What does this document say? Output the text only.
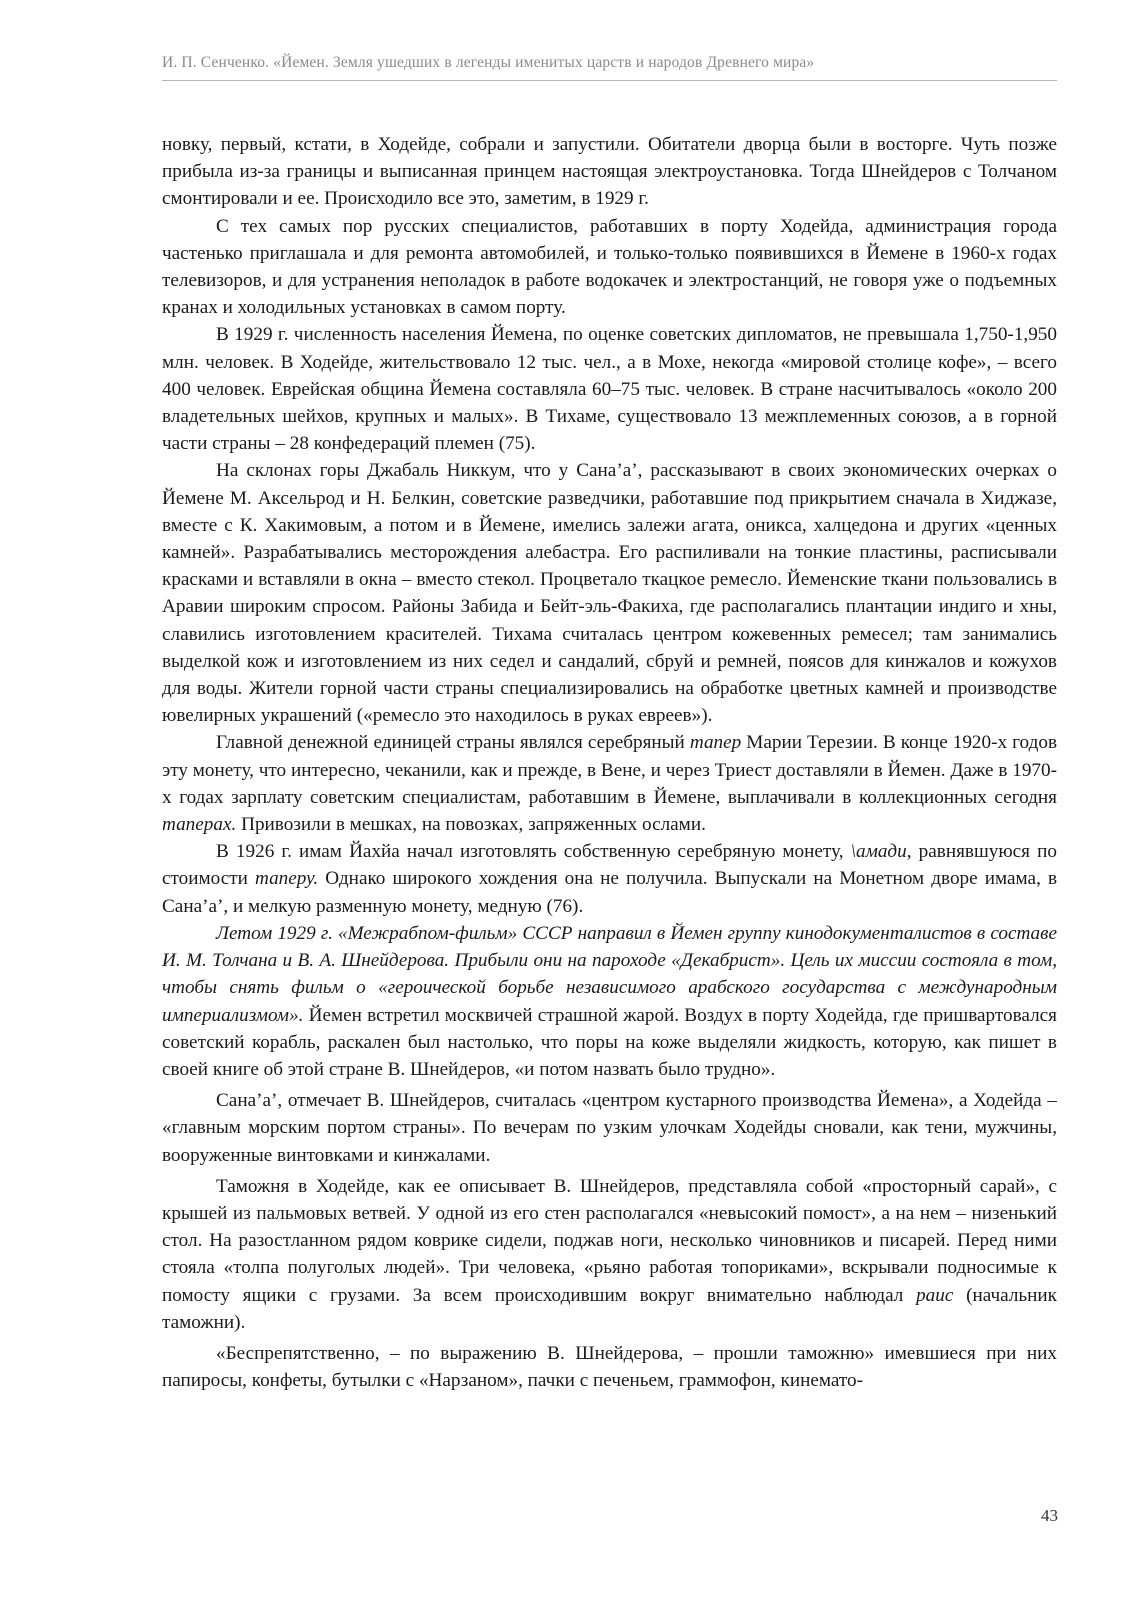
И. П. Сенченко. «Йемен. Земля ушедших в легенды именитых царств и народов Древнего мира»

новку, первый, кстати, в Ходейде, собрали и запустили. Обитатели дворца были в восторге. Чуть позже прибыла из-за границы и выписанная принцем настоящая электроустановка. Тогда Шнейдеров с Толчаном смонтировали и ее. Происходило все это, заметим, в 1929 г.

С тех самых пор русских специалистов, работавших в порту Ходейда, администрация города частенько приглашала и для ремонта автомобилей, и только-только появившихся в Йемене в 1960-х годах телевизоров, и для устранения неполадок в работе водокачек и электростанций, не говоря уже о подъемных кранах и холодильных установках в самом порту.

В 1929 г. численность населения Йемена, по оценке советских дипломатов, не превышала 1,750-1,950 млн. человек. В Ходейде, жительствовало 12 тыс. чел., а в Мохе, некогда «мировой столице кофе», – всего 400 человек. Еврейская община Йемена составляла 60–75 тыс. человек. В стране насчитывалось «около 200 владетельных шейхов, крупных и малых». В Тихаме, существовало 13 межплеменных союзов, а в горной части страны – 28 конфедераций племен (75).

На склонах горы Джабаль Никкум, что у Сана’а’, рассказывают в своих экономических очерках о Йемене М. Аксельрод и Н. Белкин, советские разведчики, работавшие под прикрытием сначала в Хиджазе, вместе с К. Хакимовым, а потом и в Йемене, имелись залежи агата, оникса, халцедона и других «ценных камней». Разрабатывались месторождения алебастра. Его распиливали на тонкие пластины, расписывали красками и вставляли в окна – вместо стекол. Процветало ткацкое ремесло. Йеменские ткани пользовались в Аравии широким спросом. Районы Забида и Бейт-эль-Факиха, где располагались плантации индиго и хны, славились изготовлением красителей. Тихама считалась центром кожевенных ремесел; там занимались выделкой кож и изготовлением из них седел и сандалий, сбруй и ремней, поясов для кинжалов и кожухов для воды. Жители горной части страны специализировались на обработке цветных камней и производстве ювелирных украшений («ремесло это находилось в руках евреев»).

Главной денежной единицей страны являлся серебряный тапер Марии Терезии. В конце 1920-х годов эту монету, что интересно, чеканили, как и прежде, в Вене, и через Триест доставляли в Йемен. Даже в 1970-х годах зарплату советским специалистам, работавшим в Йемене, выплачивали в коллекционных сегодня таперах. Привозили в мешках, на повозках, запряженных ослами.

В 1926 г. имам Йахйа начал изготовлять собственную серебряную монету, \амади, равнявшуюся по стоимости таперу. Однако широкого хождения она не получила. Выпускали на Монетном дворе имама, в Сана’а’, и мелкую разменную монету, медную (76).

Летом 1929 г. «Межрабпом-фильм» СССР направил в Йемен группу кинодокументалистов в составе И. М. Толчана и В. А. Шнейдерова. Прибыли они на пароходе «Декабрист». Цель их миссии состояла в том, чтобы снять фильм о «героической борьбе независимого арабского государства с международным империализмом». Йемен встретил москвичей страшной жарой. Воздух в порту Ходейда, где пришвартовался советский корабль, раскален был настолько, что поры на коже выделяли жидкость, которую, как пишет в своей книге об этой стране В. Шнейдеров, «и потом назвать было трудно».

Сана’а’, отмечает В. Шнейдеров, считалась «центром кустарного производства Йемена», а Ходейда – «главным морским портом страны». По вечерам по узким улочкам Ходейды сновали, как тени, мужчины, вооруженные винтовками и кинжалами.

Таможня в Ходейде, как ее описывает В. Шнейдеров, представляла собой «просторный сарай», с крышей из пальмовых ветвей. У одной из его стен располагался «невысокий помост», а на нем – низенький стол. На разостланном рядом коврике сидели, поджав ноги, несколько чиновников и писарей. Перед ними стояла «толпа полуголых людей». Три человека, «рьяно работая топориками», вскрывали подносимые к помосту ящики с грузами. За всем происходившим вокруг внимательно наблюдал раис (начальник таможни).

«Беспрепятственно, – по выражению В. Шнейдерова, – прошли таможню» имевшиеся при них папиросы, конфеты, бутылки с «Нарзаном», пачки с печеньем, граммофон, кинемато-

43
